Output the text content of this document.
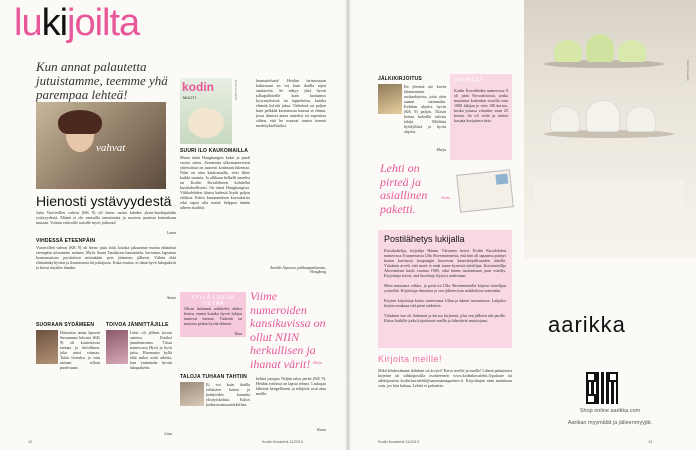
lukijoilta
Kun annat palautetta jutuistamme, teemme yhä parempaa lehteä!
vahvat
Hienosti ystävyydestä
Jutta Vuorivillen vahvat (KK 9) oli hieno tarina kahden yksin-huoltajaäidin ystävyydestä. Elämä ei ole ruusuilla tanssimista ja suurista juonista kuitenkaan mutaan. Voimia vahvoille naisille myös jatkossa!
Laura
VIHDESSÄ ETEENPÄIN
Vuorivillen vahvat (KK 9) oli hieno juttu siitä, kuinka jaksamme monta elämässä eteenpäin toisiamme auttaen. Myös Saara Taulakorn haastattelu, kertomus lapsensa haastamattom pyrittäessä mitenkään pois jäämisen jälkeen. Vähän elää elämäänkyltyvinä ja ilmaisenota kirjoittajasta. Kuka muista, ei tämä hyvä lukupaketti ja kuvat näyttiin ilundia.
Aaron
kodin
MUOTI	Kodin kuvalehti
SUURI ILO KAUKOMAILLA
Mutta tämä Hongkongiin kaksi ja puoli vuotta sitten. Aionmista ulkomaanvesien yhteisöissä on suuresti kotimaan lukemaa. Näin on aina kaukomailla, ettei lähes kaikki suomia. Ja olkkaan helkelli onneksi on Kodin Kuvalehteen kohdellut kuvituksellisesti. On tämä Hongkongista. Viikkolehden tilassa kädestä löydä paljon viikkoa. Kiitos kustannuksen kuvauksista eikä tapaa olla meitä helppoa tämän aiheen sisältöä.
haastattelusta! Heidän tarinoissaan hakiessani en voi kuin ihailla arjen sankareita. Se näkyy yhtä hyvin jalkapalloteille kuin luottamus kysymyksessä tai tappeluista, kuinka elämää kylvää jaksa. Tärkeintä on paljon kuin pelkkää kertomusta kanssa se elämä, jossa ihmiset antaa anteeksi tai sopeuttaa siihen, että he osaavat tuntea itsensä merkitykselliseksi.
Annikki Arponen, pääkaupunkiseutu, Hongkong
KYLLÄ LUKIJA TIETÄÄ
Olisin halunnut artikkelin aluksi kertoa ennen kuinka hyvin lukijat tuntevat itsensä. Tärkeää on muistaa pelata hyvää elämää.
Tiina
Viime numeroiden kansikuvissa on ollut NIIN herkullisen ja ihanat värit! -Mirja
SUORAAN SYDÄMEEN
Haluaisin antaa lapseni Susannaan kiitosta (KK 9) oli koskettavaa tarinaa ja kiitollinen, joka antoi voimaa. Tulin iloiseksi ja sain tarinan silloin puolestaan.
TOIVOA JÄNNITTÄJILLE
Lehti oli jälleen kovaa antoisa. Ensiksi jännittäminen. Tässä numerossa Hyvä ja hyvä juttu. Huomasin kyllä elää miksi mitä aiheita, kun ymmärrän hyvän lukupaketin.
Liisa
TALOJA TUHAAN TAHTIIN
Ei voi kuin ihailla erilaisten kotien ja keittiöiden kauniita yksityiskohtia. Kiitos kodinsisustusartikkelista.
kehitä juttujaa Neljän taloa perhe (KK 9). Heidän tyttönsä on lapsia tehnyt. Laskujaa läheisiä hengelliseen ja tekijöitä ovat aina meille.
Kaisa
12	Kodin Kuvalehti 11/2013
JÄLKIKIRJOITUS
En yleensä ole kovin kiinnostunut ruokaohjeista, joita olen saanut sattumalta. Kehitän ohjeita hyvin (KK 9) paljon. Tilasin kertaa kokeilla tulosta tekijä. Mieltäni hyödyllisiä ja hyviä ohjeita.
Marja
UPISTA!
Kodin Kuvalehden numerossa 9 oli juttu Novoalstoista, jonka muutama kuitenkin sivuilla vain 1000 lukijaa ja vain 100 kertoo, koska jutussa viitattiin vaan 25 kertaa. Se oli virhe ja tärkeä korjata korjattava tieto.
Lehti on pirteä ja asiallinen paketti.
-Tuula
Postilähetys lukijalla
Kuvakaltelija, kirjailija Hannu Väisänen kertoi Kodin Kuvalehden numerossa 8 tunnetuista Ulla Ahvenniemestä, että hän oli tapaansa pitänyt kauan kuvitusta kaupungin kasvavan kaunokirjallisuuden äärellä. Väisänen arveli, että moni ei enää tunne kyseistä taiteilijaa. Kuvataiteilija Ahvenniemi kuoli vuonna 1985, eikä hänen tuotantoaan juuri esitelty. Kirjoittaja toivoi, että kuvittaja löytyisi uudestaan.

Meni muutama viikko, ja posti toi Ulla Ahvenniemeltä kirjeen taiteilijan ystävältä. Kirjoittaja ilmoittaa jo sen jälkeen kun artikkelissa mainittiin.

Kirjeen kirjoittaja kertoi tuntevansa Ullan ja hänen tuotantonsa. Lahjaksi kirjeen mukana tuli pieni taideteos.

Väisänen itse oli ilahtunut ja kertoo kirjeestä, joka sen jälkeen tuli perille. Kiitos kaikille jotka kirjoittavat meille ja lähettävät muistojaan.
Kirjoita meille!
Mikä lehdessämme ilahdutti tai ärsytti? Kerro meille ja muille! Lähetä palautteesi kirjeitse tai sähköpostilla osoitteeseen www.kodinkuvalehti.fi/palaute tai sähköpostiin kodin.kuvalehti@sanomamagazines.fi. Kirjoittajan nimi mainitaan vain, jos hän haluaa. Lehtiä ei palauteta.
Kodin Kuvalehti 11/2013
aarikka
Shop online aarikka.com
Aarikan myymälät ja jälleenmyyjät.
13
Kodin Kuvalehti
